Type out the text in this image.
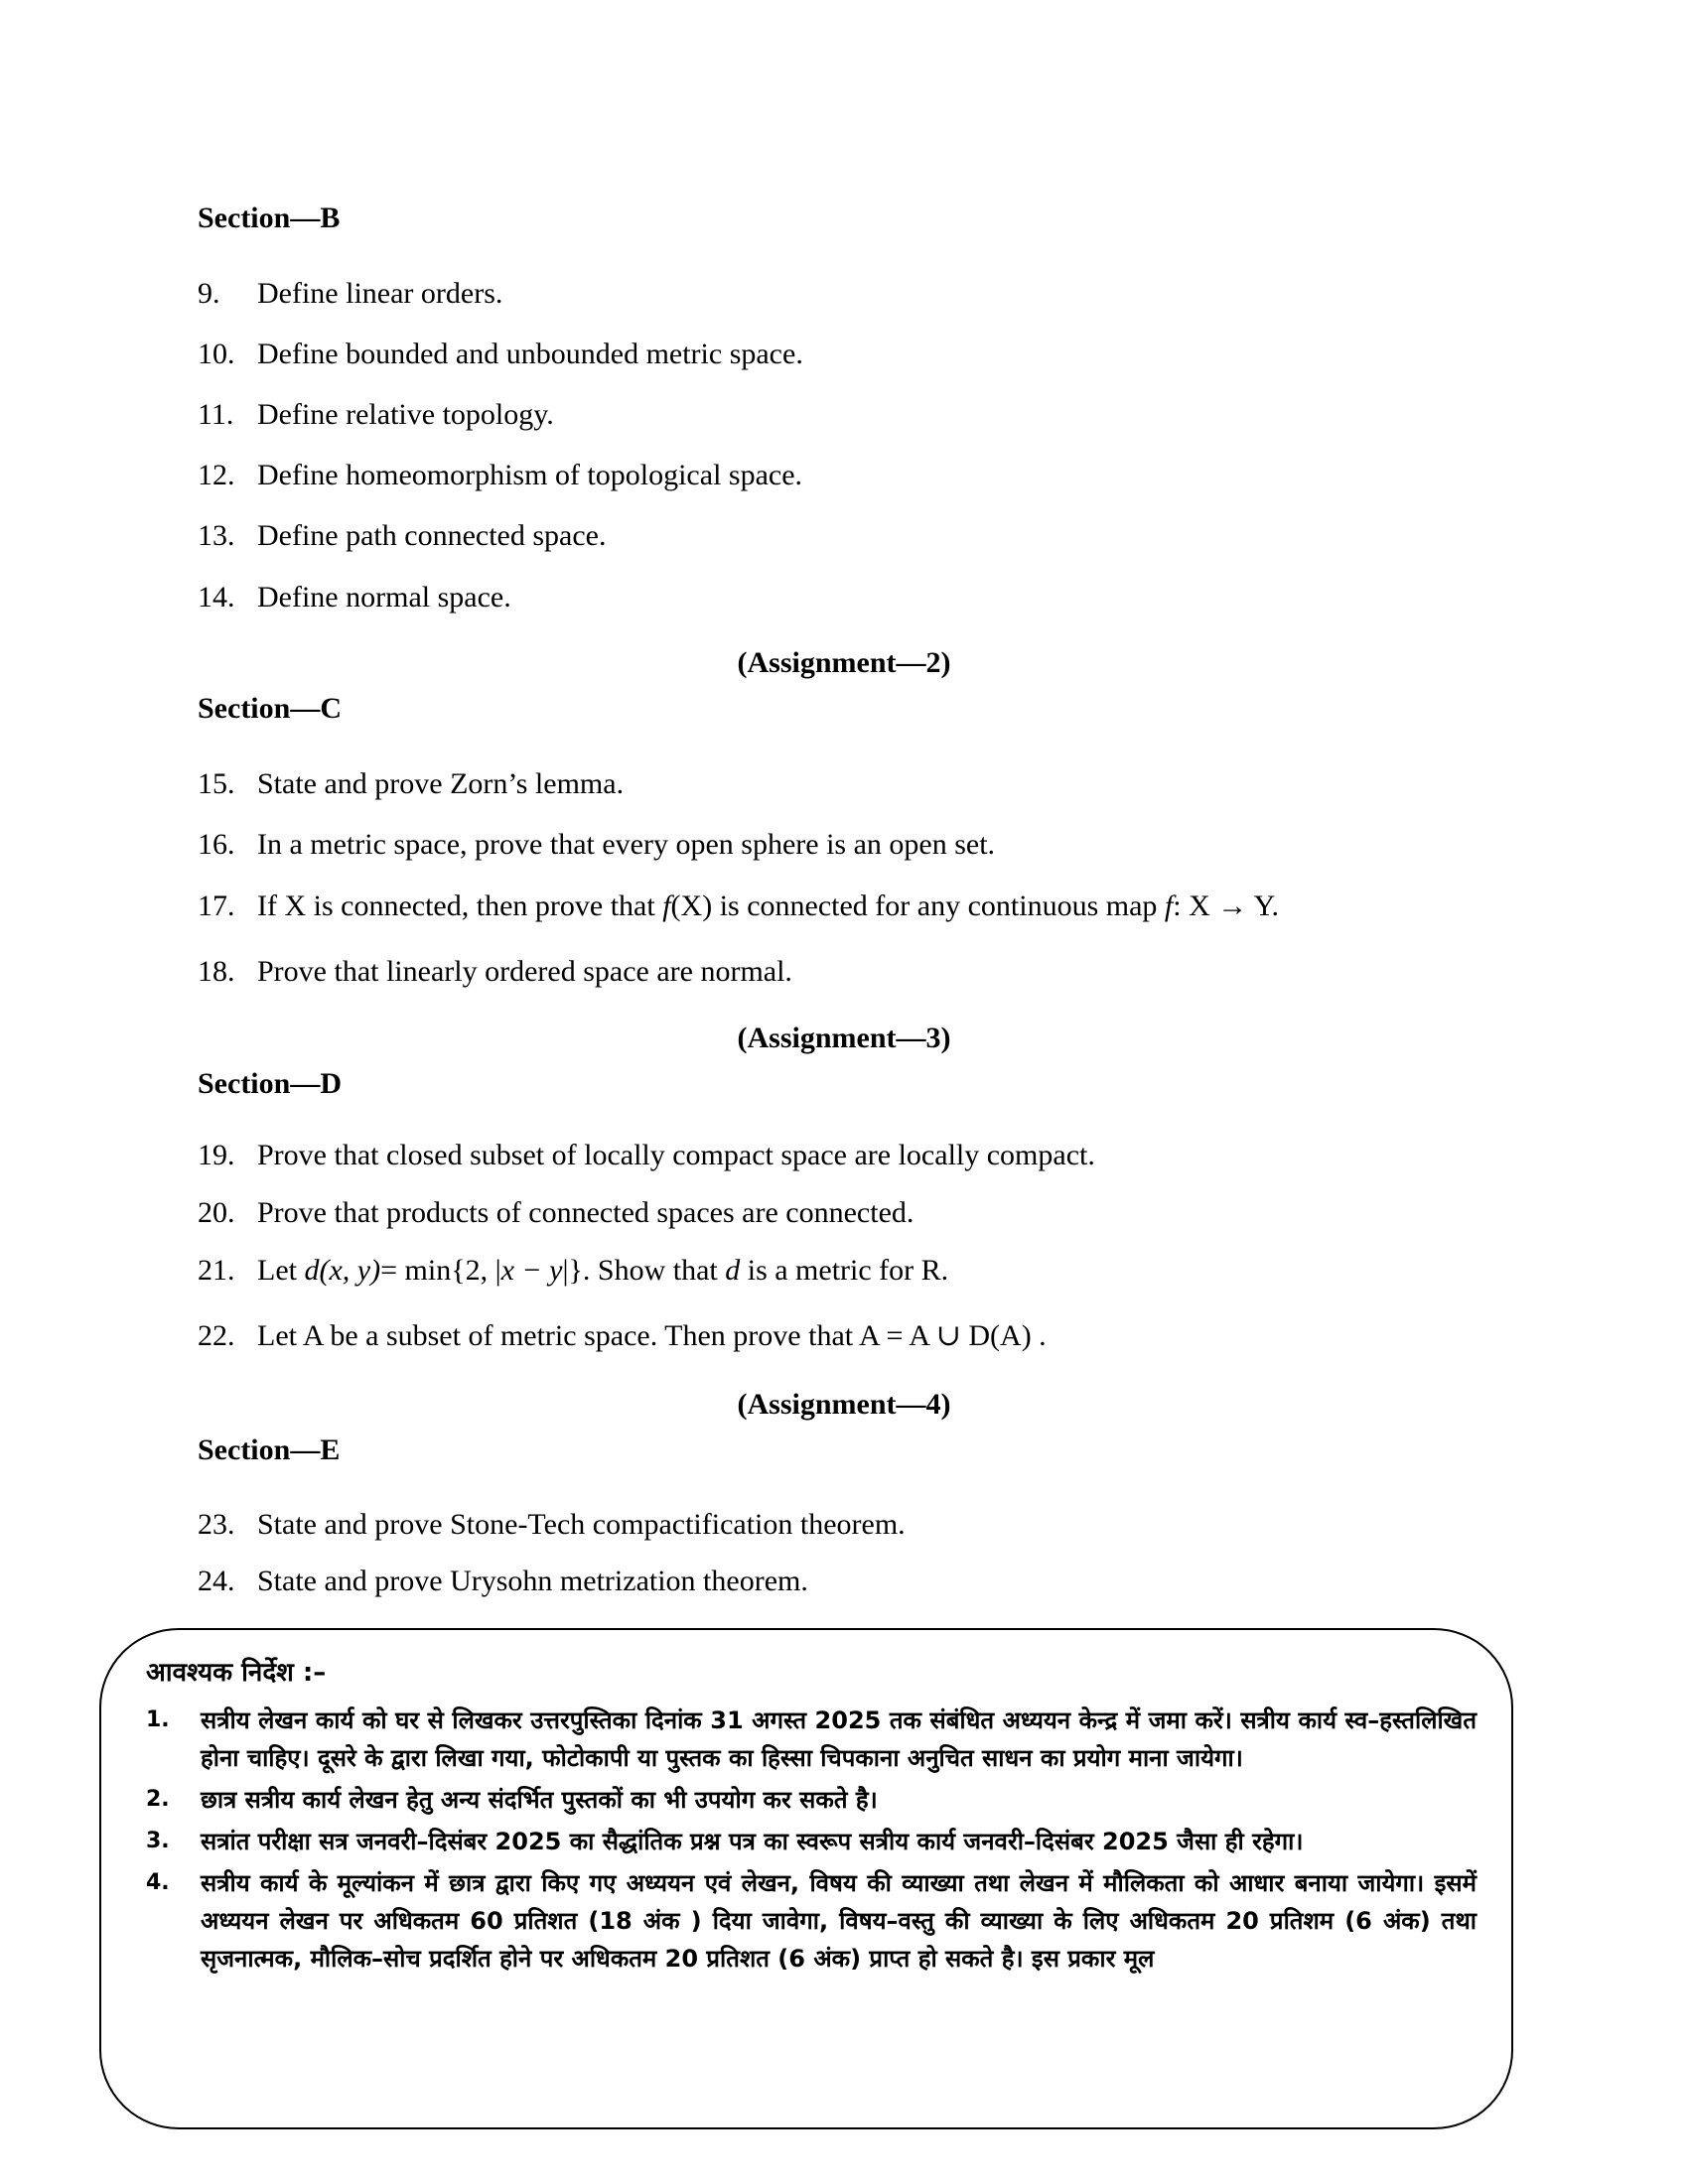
Section—B
9. Define linear orders.
10. Define bounded and unbounded metric space.
11. Define relative topology.
12. Define homeomorphism of topological space.
13. Define path connected space.
14. Define normal space.
(Assignment—2)
Section—C
15. State and prove Zorn’s lemma.
16. In a metric space, prove that every open sphere is an open set.
17. If X is connected, then prove that f(X) is connected for any continuous map f: X → Y.
18. Prove that linearly ordered space are normal.
(Assignment—3)
Section—D
19. Prove that closed subset of locally compact space are locally compact.
20. Prove that products of connected spaces are connected.
21. Let d(x, y)= min{2, |x − y|}. Show that d is a metric for R.
22. Let A be a subset of metric space. Then prove that A = A ∪ D(A) .
(Assignment—4)
Section—E
23. State and prove Stone-Tech compactification theorem.
24. State and prove Urysohn metrization theorem.
आवश्यक निर्देश :–
1. सत्रीय लेखन कार्य को घर से लिखकर उत्तरपुस्तिका दिनांक 31 अगस्त 2025 तक संबंधित अध्ययन केन्द्र में जमा करें। सत्रीय कार्य स्व–हस्तलिखित होना चाहिए। दूसरे के द्वारा लिखा गया, फोटोकापी या पुस्तक का हिस्सा चिपकाना अनुचित साधन का प्रयोग माना जायेगा।
2. छात्र सत्रीय कार्य लेखन हेतु अन्य संदर्भित पुस्तकों का भी उपयोग कर सकते है।
3. सत्रांत परीक्षा सत्र जनवरी–दिसंबर 2025 का सैद्धांतिक प्रश्न पत्र का स्वरूप सत्रीय कार्य जनवरी–दिसंबर 2025 जैसा ही रहेगा।
4. सत्रीय कार्य के मूल्यांकन में छात्र द्वारा किए गए अध्ययन एवं लेखन, विषय की व्याख्या तथा लेखन में मौलिकता को आधार बनाया जायेगा। इसमें अध्ययन लेखन पर अधिकतम 60 प्रतिशत (18 अंक ) दिया जावेगा, विषय–वस्तु की व्याख्या के लिए अधिकतम 20 प्रतिशम (6 अंक) तथा सृजनात्मक, मौलिक–सोच प्रदर्शित होने पर अधिकतम 20 प्रतिशत (6 अंक) प्राप्त हो सकते है। इस प्रकार मूल
